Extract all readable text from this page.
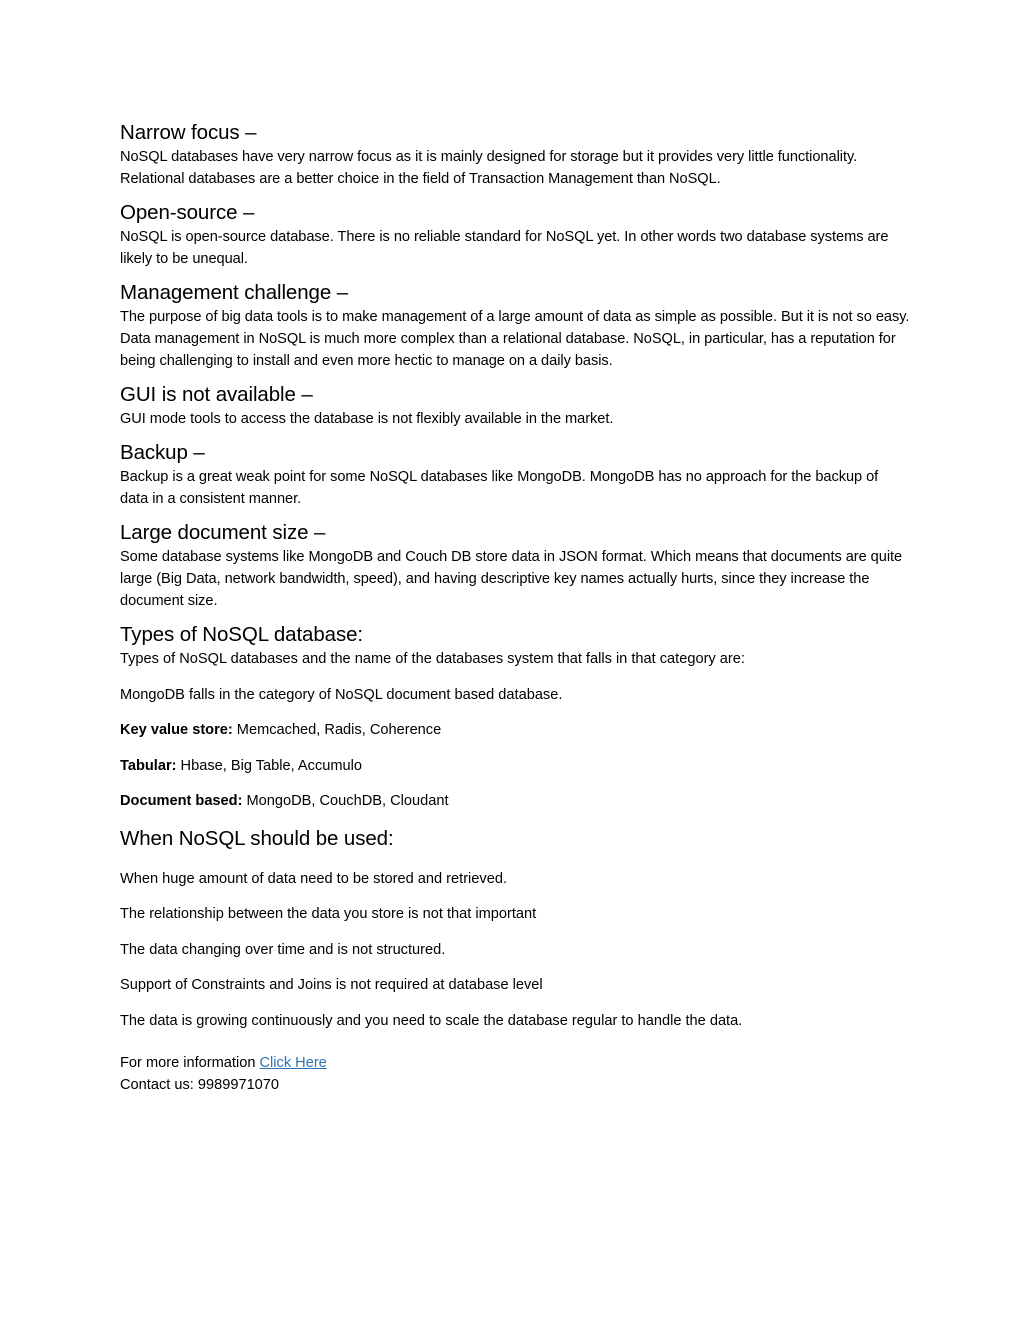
Narrow focus –

NoSQL databases have very narrow focus as it is mainly designed for storage but it provides very little functionality. Relational databases are a better choice in the field of Transaction Management than NoSQL.

Open-source –

NoSQL is open-source database. There is no reliable standard for NoSQL yet. In other words two database systems are likely to be unequal.

Management challenge –

The purpose of big data tools is to make management of a large amount of data as simple as possible. But it is not so easy. Data management in NoSQL is much more complex than a relational database. NoSQL, in particular, has a reputation for being challenging to install and even more hectic to manage on a daily basis.

GUI is not available –

GUI mode tools to access the database is not flexibly available in the market.

Backup –

Backup is a great weak point for some NoSQL databases like MongoDB. MongoDB has no approach for the backup of data in a consistent manner.

Large document size –

Some database systems like MongoDB and Couch DB store data in JSON format. Which means that documents are quite large (Big Data, network bandwidth, speed), and having descriptive key names actually hurts, since they increase the document size.

Types of NoSQL database:

Types of NoSQL databases and the name of the databases system that falls in that category are:

MongoDB falls in the category of NoSQL document based database.

Key value store: Memcached, Radis, Coherence

Tabular: Hbase, Big Table, Accumulo

Document based: MongoDB, CouchDB, Cloudant

When NoSQL should be used:

When huge amount of data need to be stored and retrieved.

The relationship between the data you store is not that important

The data changing over time and is not structured.

Support of Constraints and Joins is not required at database level

The data is growing continuously and you need to scale the database regular to handle the data.

For more information Click Here
Contact us: 9989971070
